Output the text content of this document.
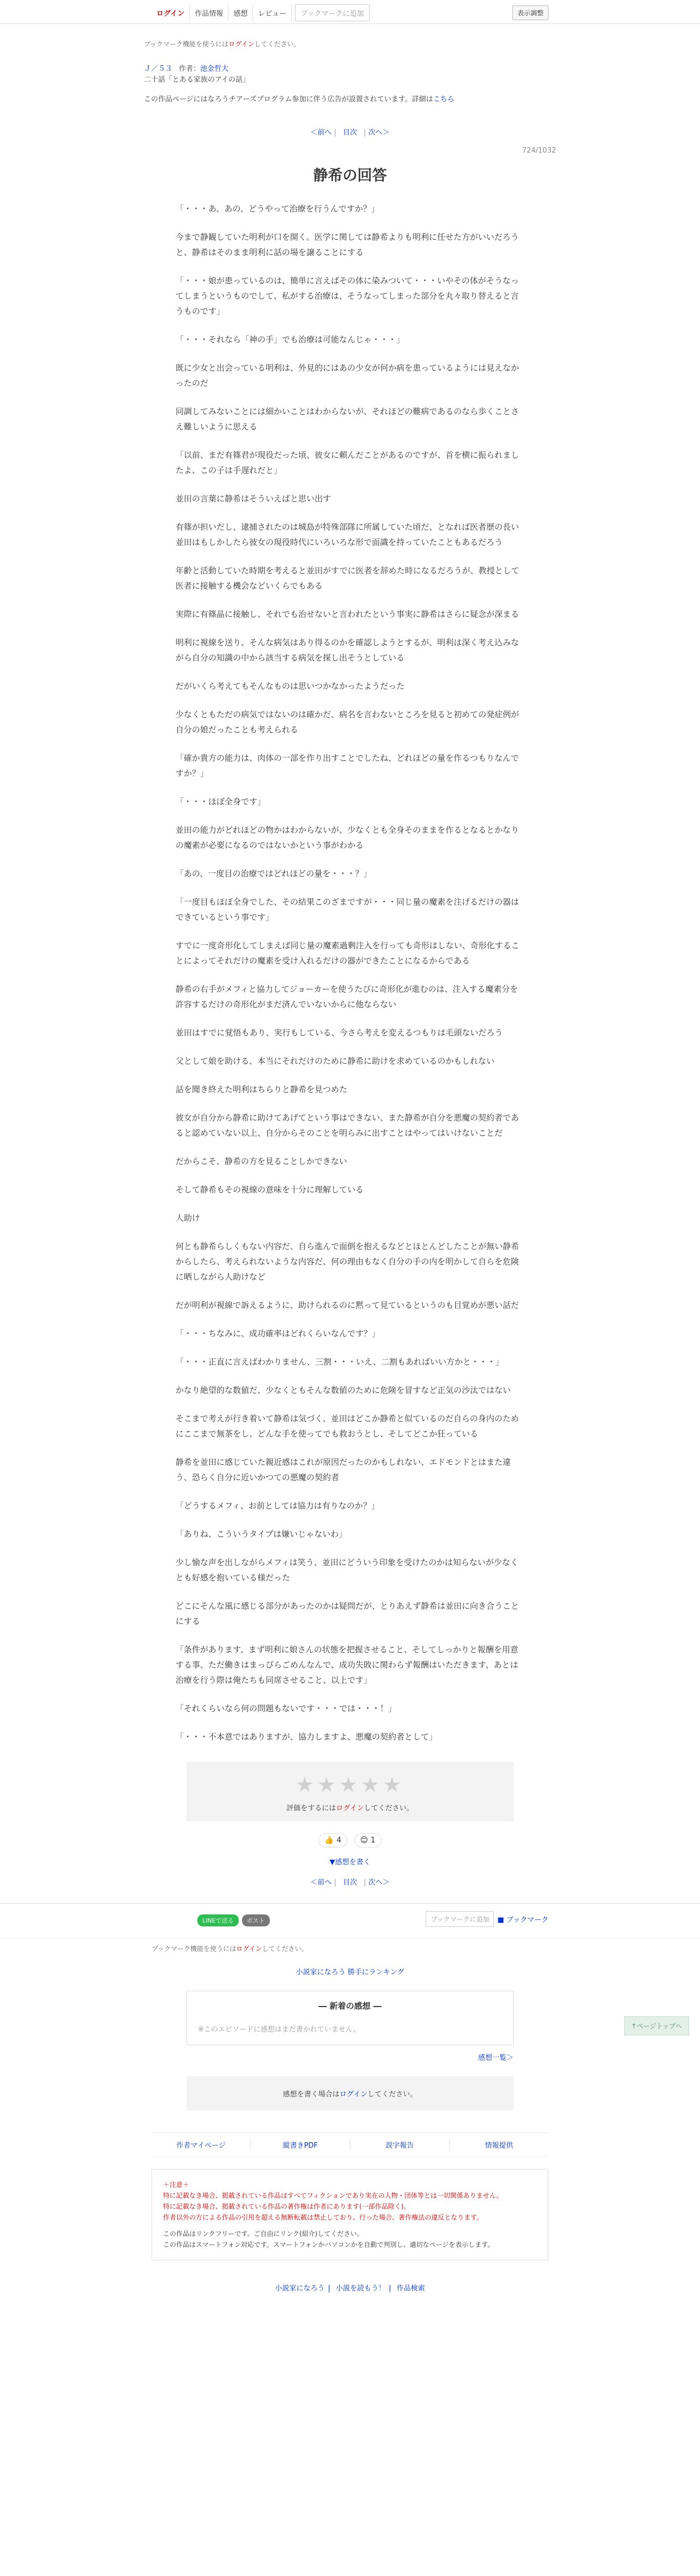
ログイン	作品情報	感想	レビュー	ブックマークに追加	表示調整
ブックマーク機能を使うにはログインしてください。
Ｊ／５３ 作者：池金哲大
二十話「とある家族のアイの話」
この作品ページにはなろうチアーズプログラム参加に伴う広告が設置されています。詳細はこちら
＜前へ | 目次 | 次へ＞
724/1032
静希の回答

「・・・あ、あの、どうやって治療を行うんですか？」

今まで静観していた明利が口を開く。医学に関しては静希よりも明利に任せた方がいいだろうと、静希はそのまま明利に話の場を譲ることにする

「・・・娘が患っているのは、簡単に言えばその体に染みついて・・・いやその体がそうなってしまうというものでして、私がする治療は、そうなってしまった部分を丸々取り替えると言うものです」

「・・・それなら「神の手」でも治療は可能なんじゃ・・・」

既に少女と出会っている明利は、外見的にはあの少女が何か病を患っているようには見えなかったのだ

同調してみないことには細かいことはわからないが、それほどの難病であるのなら歩くことさえ難しいように思える

「以前、まだ有篠君が現役だった頃、彼女に頼んだことがあるのですが、首を横に振られましたよ、この子は手遅れだと」

並田の言葉に静希はそういえばと思い出す

有篠が担いだし、逮捕されたのは城島が特殊部隊に所属していた頃だ、となれば医者歴の長い並田はもしかしたら彼女の現役時代にいろいろな形で面識を持っていたこともあるだろう

年齢と活動していた時期を考えると並田がすでに医者を辞めた時になるだろうが、教授として医者に接触する機会などいくらでもある

実際に有篠晶に接触し、それでも治せないと言われたという事実に静希はさらに疑念が深まる

明利に視線を送り、そんな病気はあり得るのかを確認しようとするが、明利は深く考え込みながら自分の知識の中から該当する病気を探し出そうとしている

だがいくら考えてもそんなものは思いつかなかったようだった

少なくともただの病気ではないのは確かだ、病名を言わないところを見ると初めての発症例が自分の娘だったことも考えられる

「確か貴方の能力は、肉体の一部を作り出すことでしたね、どれほどの量を作るつもりなんですか？」

「・・・ほぼ全身です」

並田の能力がどれほどの物かはわからないが、少なくとも全身そのままを作るとなるとかなりの魔素が必要になるのではないかという事がわかる

「あの、一度目の治療ではどれほどの量を・・・？」

「一度目もほぼ全身でした、その結果このざまですが・・・同じ量の魔素を注げるだけの器はできているという事です」

すでに一度奇形化してしまえば同じ量の魔素過剰注入を行っても奇形はしない、奇形化することによってそれだけの魔素を受け入れるだけの器ができたことになるからである

静希の右手がメフィと協力してジョーカーを使うたびに奇形化が進むのは、注入する魔素分を許容するだけの奇形化がまだ済んでいないからに他ならない

並田はすでに覚悟もあり、実行もしている、今さら考えを変えるつもりは毛頭ないだろう

父として娘を助ける、本当にそれだけのために静希に助けを求めているのかもしれない

話を聞き終えた明利はちらりと静希を見つめた

彼女が自分から静希に助けてあげてという事はできない、また静希が自分を悪魔の契約者であると認めていない以上、自分からそのことを明らみに出すことはやってはいけないことだ

だからこそ、静希の方を見ることしかできない

そして静希もその視線の意味を十分に理解している

人助け

何とも静希らしくもない内容だ、自ら進んで面倒を抱えるなどとほとんどしたことが無い静希からしたら、考えられないような内容だ、何の理由もなく自分の手の内を明かして自らを危険に晒しながら人助けなど

だが明利が視線で訴えるように、助けられるのに黙って見ているというのも目覚めが悪い話だ

「・・・ちなみに、成功確率はどれくらいなんです？」

「・・・正直に言えばわかりません、三割・・・いえ、二割もあればいい方かと・・・」

かなり絶望的な数値だ、少なくともそんな数値のために危険を冒すなど正気の沙汰ではない

そこまで考えが行き着いて静希は気づく、並田はどこか静希と似ているのだ自らの身内のためにここまで無茶をし、どんな手を使ってでも救おうとし、そしてどこか狂っている

静希を並田に感じていた親近感はこれが原因だったのかもしれない、エドモンドとはまた違う、恐らく自分に近いかつての悪魔の契約者

「どうするメフィ、お前としては協力は有りなのか？」

「ありね、こういうタイプは嫌いじゃないわ」

少し愉な声を出しながらメフィは笑う、並田にどういう印象を受けたのかは知らないが少なくとも好感を抱いている様だった

どこにそんな風に感じる部分があったのかは疑問だが、とりあえず静希は並田に向き合うことにする

「条件があります、まず明利に娘さんの状態を把握させること、そしてしっかりと報酬を用意する事、ただ働きはまっぴらごめんなんで、成功失敗に関わらず報酬はいただきます、あとは治療を行う際は俺たちも同席させること、以上です」

「それくらいなら何の問題もないです・・・では・・・！」

「・・・不本意ではありますが、協力しますよ、悪魔の契約者として」

★★★★★
評価をするにはログインしてください。
👍 4 😊 1
▼感想を書く
＜前へ | 目次 | 次へ＞
↑ページトップへ
LINEで送る	ポスト	ブックマークに追加	■ ブックマーク
ブックマーク機能を使うにはログインしてください。
小説家になろう 勝手にランキング
― 新着の感想 ―
※このエピソードに感想はまだ書かれていません。
感想一覧＞
感想を書く場合はログインしてください。
作者マイページ	縦書きPDF	誤字報告	情報提供
＋注意＋
特に記載なき場合、掲載されている作品はすべてフィクションであり実在の人物・団体等とは一切関係ありません。
特に記載なき場合、掲載されている作品の著作権は作者にあります(一部作品除く)。
作者以外の方による作品の引用を超える無断転載は禁止しており、行った場合、著作権法の違反となります。
この作品はリンクフリーです。ご自由にリンク(紹介)してください。
この作品はスマートフォン対応です。スマートフォンかパソコンかを自動で判別し、適切なページを表示します。
小説家になろう | 小説を読もう！ | 作品検索
